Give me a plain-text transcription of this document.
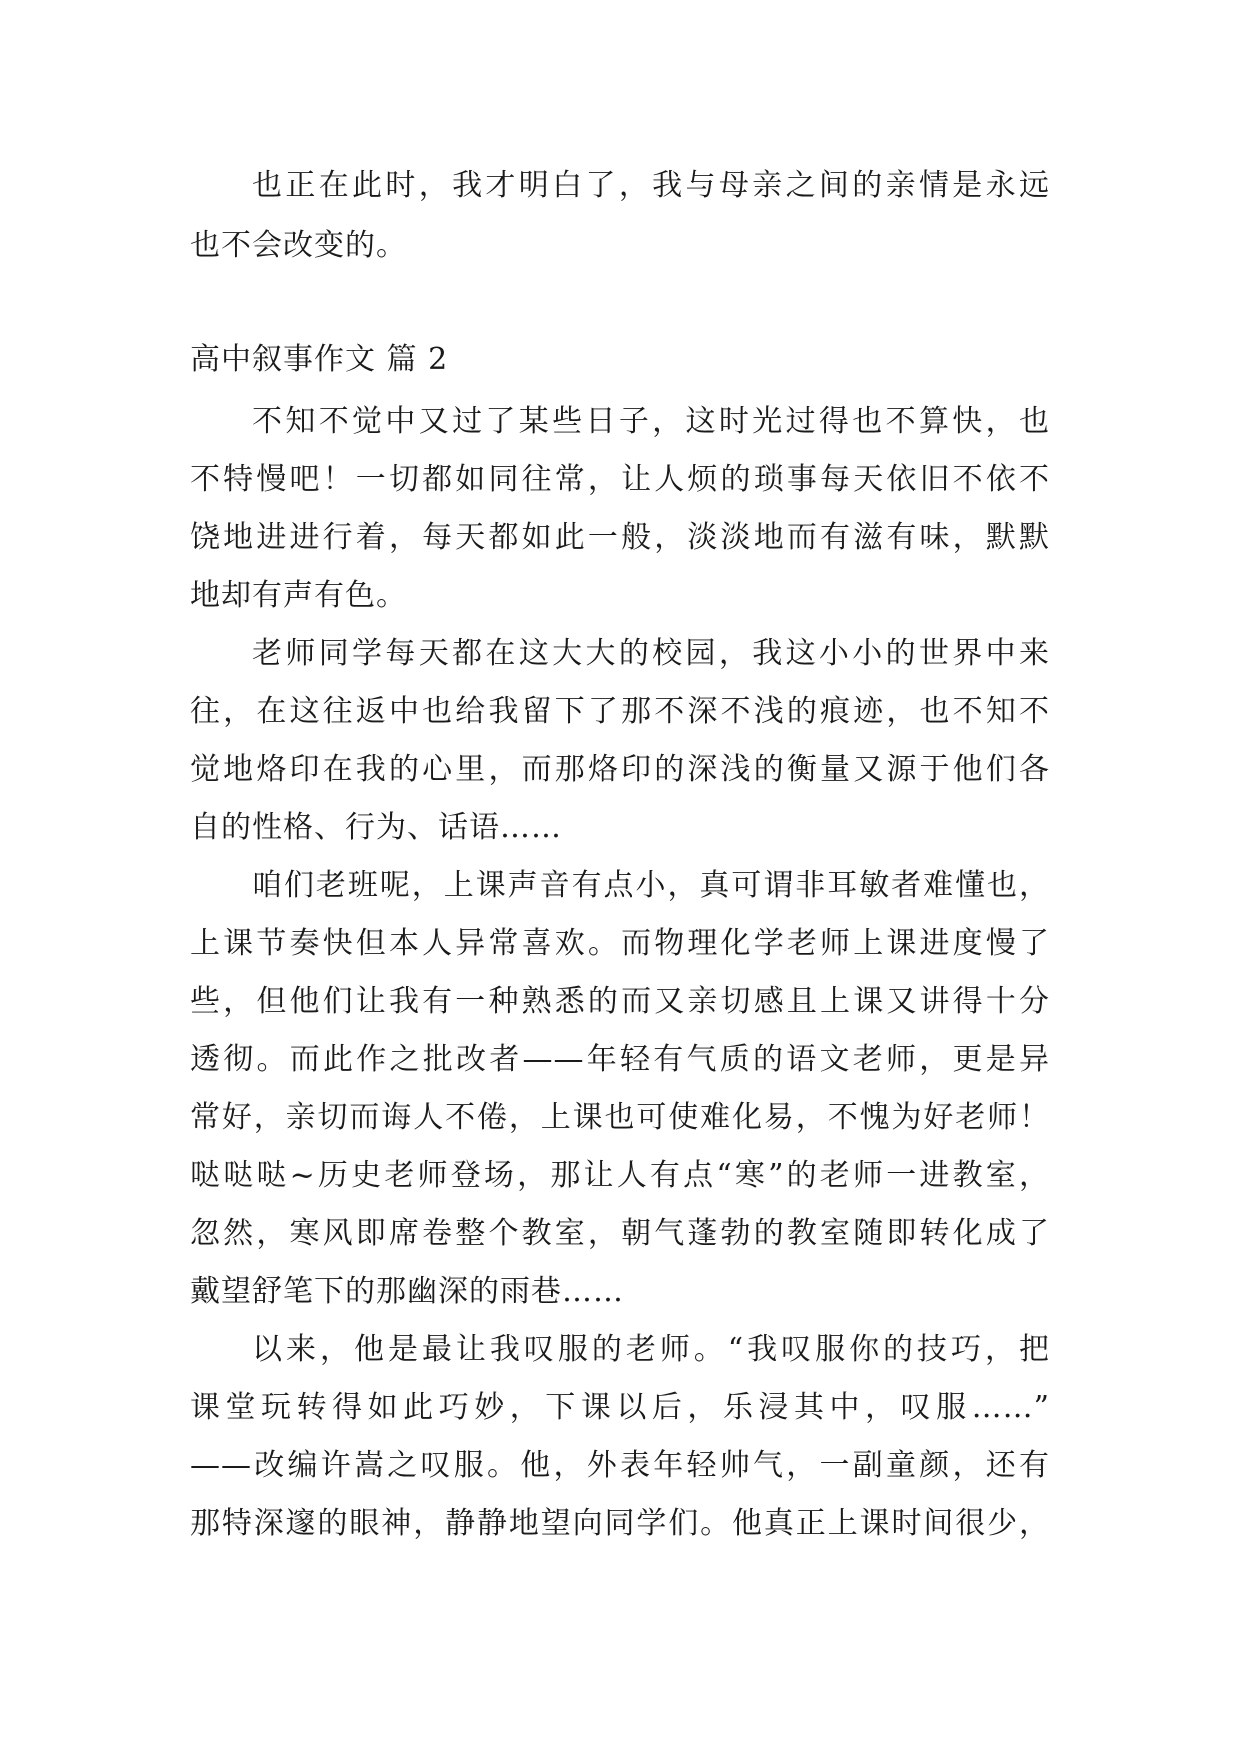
也正在此时，我才明白了，我与母亲之间的亲情是永远
也不会改变的。
高中叙事作文 篇 2
不知不觉中又过了某些日子，这时光过得也不算快，也
不特慢吧！一切都如同往常，让人烦的琐事每天依旧不依不
饶地进进行着，每天都如此一般，淡淡地而有滋有味，默默
地却有声有色。
老师同学每天都在这大大的校园，我这小小的世界中来
往，在这往返中也给我留下了那不深不浅的痕迹，也不知不
觉地烙印在我的心里，而那烙印的深浅的衡量又源于他们各
自的性格、行为、话语……
咱们老班呢，上课声音有点小，真可谓非耳敏者难懂也，
上课节奏快但本人异常喜欢。而物理化学老师上课进度慢了
些，但他们让我有一种熟悉的而又亲切感且上课又讲得十分
透彻。而此作之批改者——年轻有气质的语文老师，更是异
常好，亲切而诲人不倦，上课也可使难化易，不愧为好老师！
哒哒哒~历史老师登场，那让人有点“寒”的老师一进教室，
忽然，寒风即席卷整个教室，朝气蓬勃的教室随即转化成了
戴望舒笔下的那幽深的雨巷……
以来，他是最让我叹服的老师。“我叹服你的技巧，把
课堂玩转得如此巧妙，下课以后，乐浸其中，叹服……”
——改编许嵩之叹服。他，外表年轻帅气，一副童颜，还有
那特深邃的眼神，静静地望向同学们。他真正上课时间很少，
